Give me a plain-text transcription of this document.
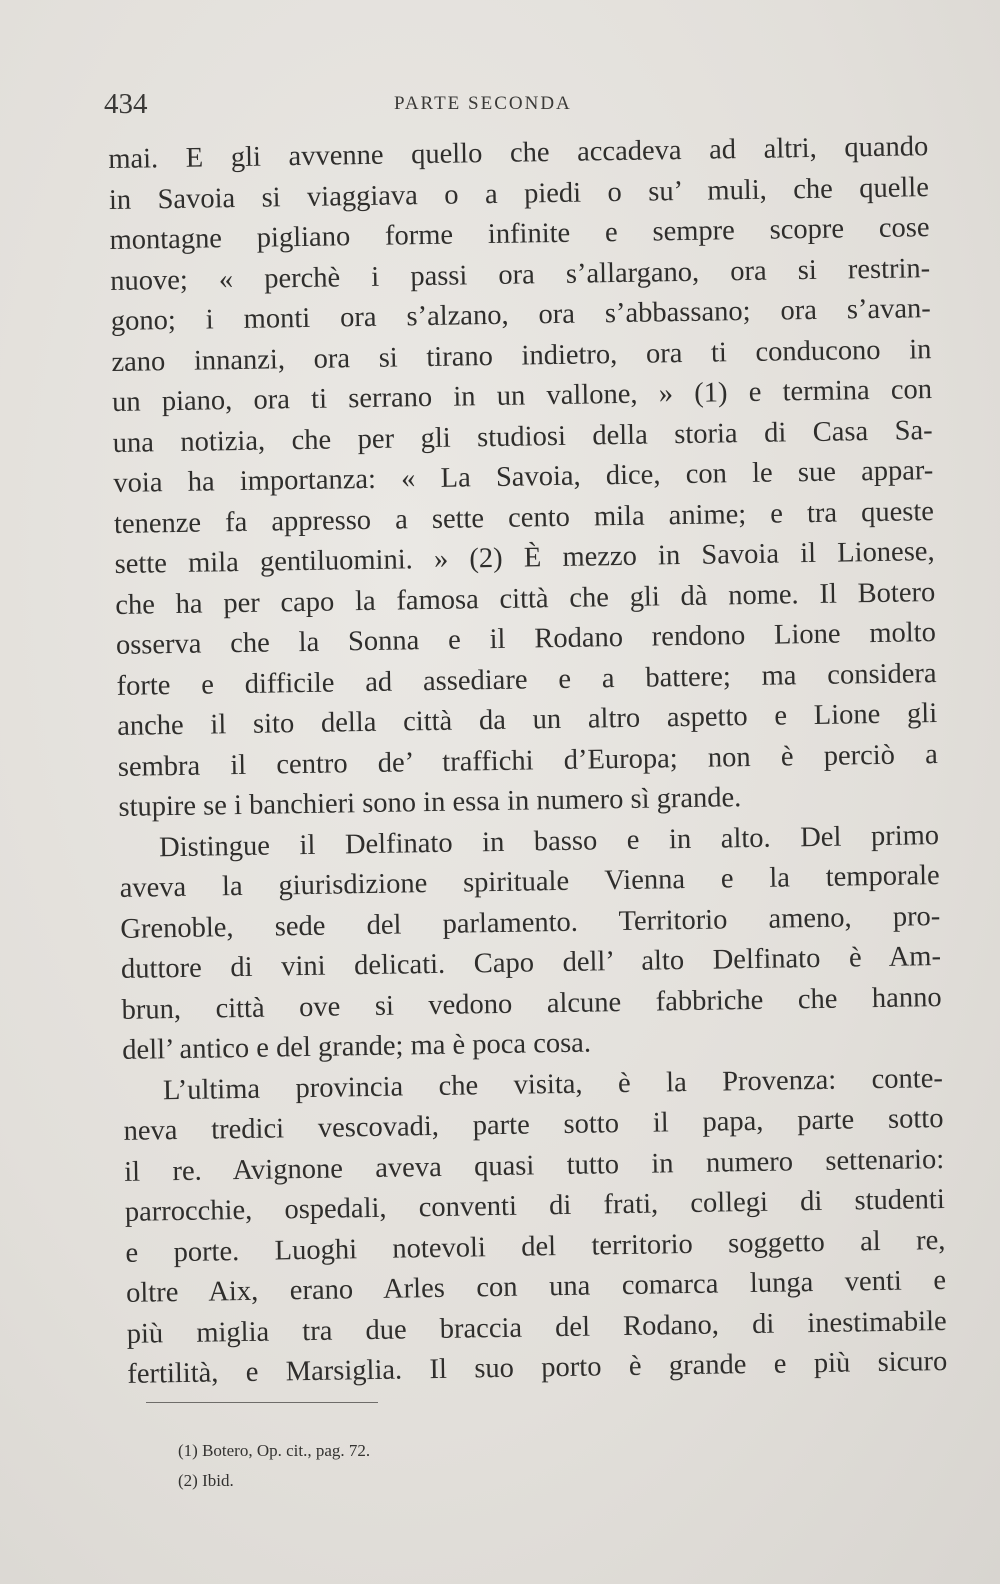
434	PARTE SECONDA
mai. E gli avvenne quello che accadeva ad altri, quando
in Savoia si viaggiava o a piedi o su’ muli, che quelle
montagne pigliano forme infinite e sempre scopre cose
nuove; « perchè i passi ora s’allargano, ora si restrin-
gono; i monti ora s’alzano, ora s’abbassano; ora s’avan-
zano innanzi, ora si tirano indietro, ora ti conducono in
un piano, ora ti serrano in un vallone, » (1) e termina con
una notizia, che per gli studiosi della storia di Casa Sa-
voia ha importanza: « La Savoia, dice, con le sue appar-
tenenze fa appresso a sette cento mila anime; e tra queste
sette mila gentiluomini. » (2) È mezzo in Savoia il Lionese,
che ha per capo la famosa città che gli dà nome. Il Botero
osserva che la Sonna e il Rodano rendono Lione molto
forte e difficile ad assediare e a battere; ma considera
anche il sito della città da un altro aspetto e Lione gli
sembra il centro de’ traffichi d’Europa; non è perciò a
stupire se i banchieri sono in essa in numero sì grande.
Distingue il Delfinato in basso e in alto. Del primo
aveva la giurisdizione spirituale Vienna e la temporale
Grenoble, sede del parlamento. Territorio ameno, pro-
duttore di vini delicati. Capo dell’ alto Delfinato è Am-
brun, città ove si vedono alcune fabbriche che hanno
dell’ antico e del grande; ma è poca cosa.
L’ultima provincia che visita, è la Provenza: conte-
neva tredici vescovadi, parte sotto il papa, parte sotto
il re. Avignone aveva quasi tutto in numero settenario:
parrocchie, ospedali, conventi di frati, collegi di studenti
e porte. Luoghi notevoli del territorio soggetto al re,
oltre Aix, erano Arles con una comarca lunga venti e
più miglia tra due braccia del Rodano, di inestimabile
fertilità, e Marsiglia. Il suo porto è grande e più sicuro
(1) Botero, Op. cit., pag. 72.
(2) Ibid.
